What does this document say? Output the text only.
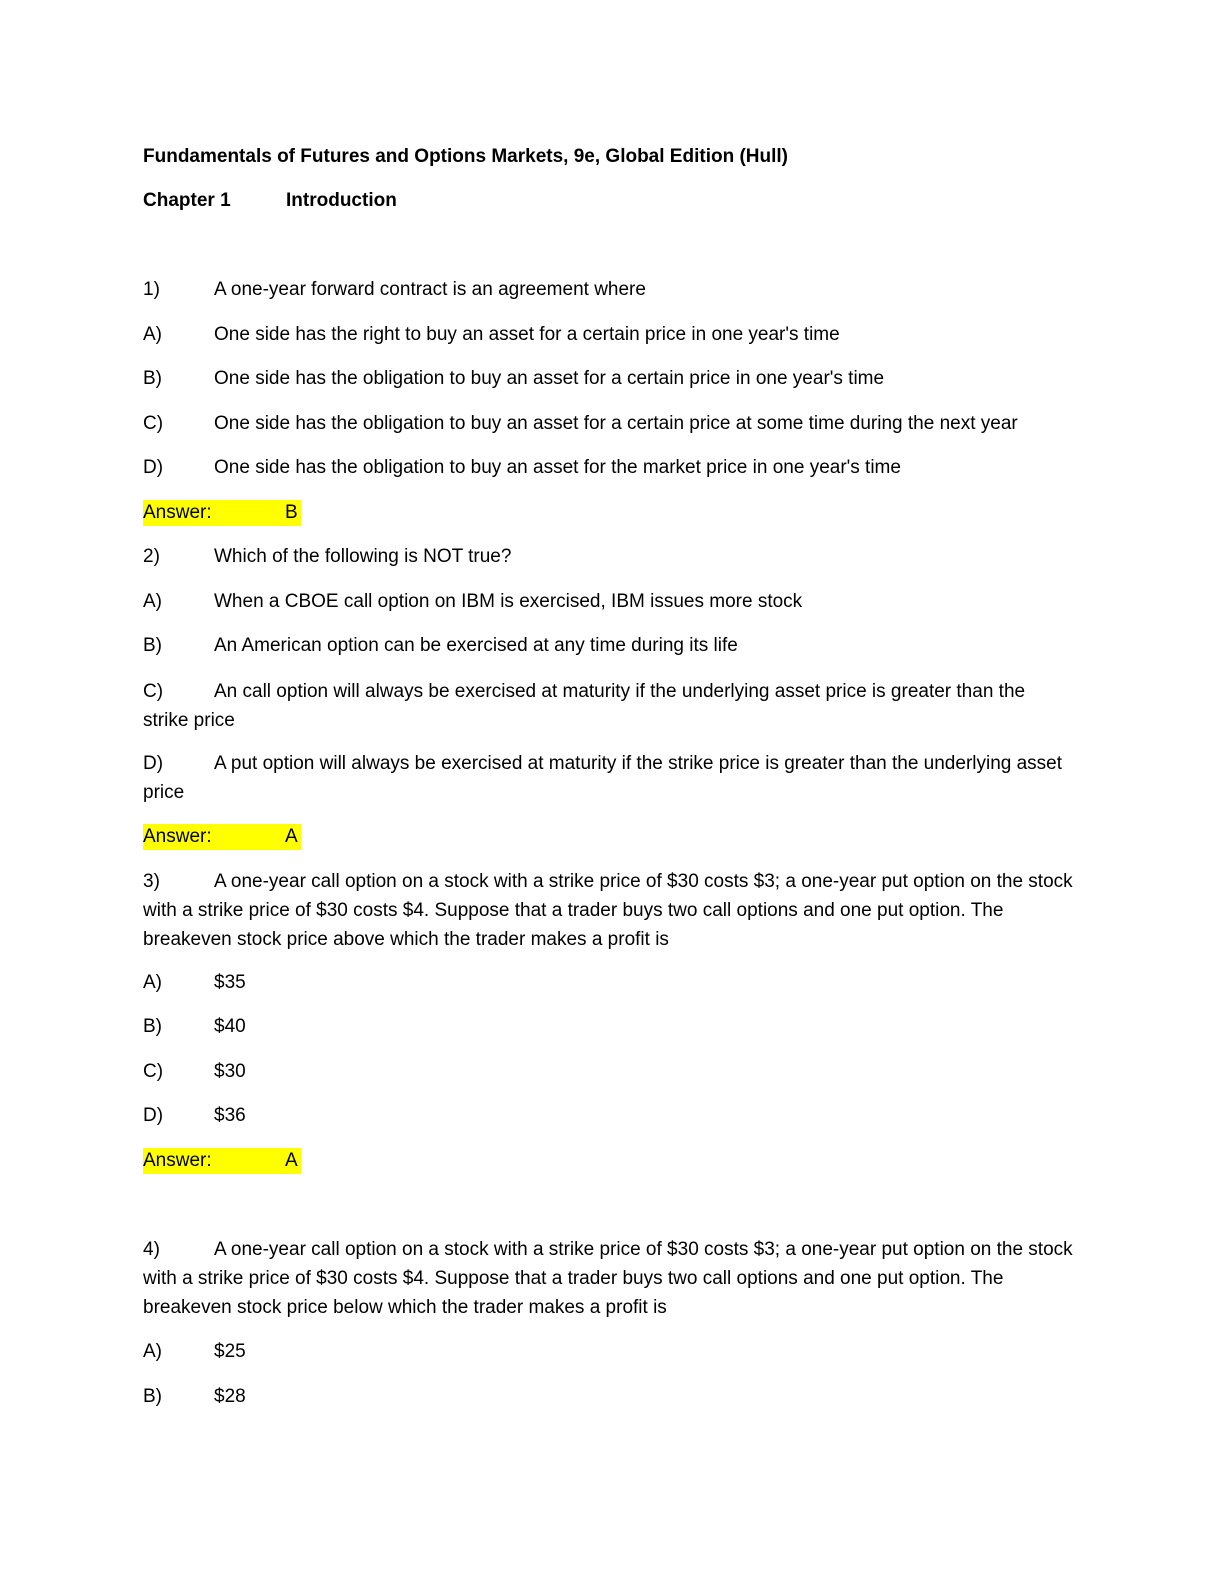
Fundamentals of Futures and Options Markets, 9e, Global Edition (Hull)
Chapter 1	Introduction
1)	A one-year forward contract is an agreement where
A)	One side has the right to buy an asset for a certain price in one year's time
B)	One side has the obligation to buy an asset for a certain price in one year's time
C)	One side has the obligation to buy an asset for a certain price at some time during the next year
D)	One side has the obligation to buy an asset for the market price in one year's time
Answer:	B
2)	Which of the following is NOT true?
A)	When a CBOE call option on IBM is exercised, IBM issues more stock
B)	An American option can be exercised at any time during its life
C)	An call option will always be exercised at maturity if the underlying asset price is greater than the strike price
D)	A put option will always be exercised at maturity if the strike price is greater than the underlying asset price
Answer:	A
3)	A one-year call option on a stock with a strike price of $30 costs $3; a one-year put option on the stock with a strike price of $30 costs $4. Suppose that a trader buys two call options and one put option. The breakeven stock price above which the trader makes a profit is
A)	$35
B)	$40
C)	$30
D)	$36
Answer:	A
4)	A one-year call option on a stock with a strike price of $30 costs $3; a one-year put option on the stock with a strike price of $30 costs $4. Suppose that a trader buys two call options and one put option. The breakeven stock price below which the trader makes a profit is
A)	$25
B)	$28
